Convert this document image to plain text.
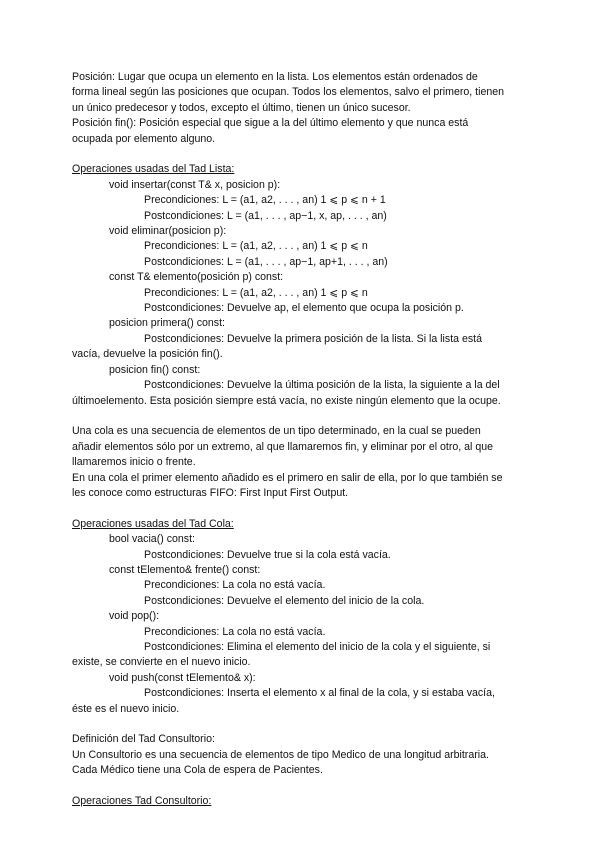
Posición: Lugar que ocupa un elemento en la lista. Los elementos están ordenados de
forma lineal según las posiciones que ocupan. Todos los elementos, salvo el primero, tienen
un único predecesor y todos, excepto el último, tienen un único sucesor.
Posición fin(): Posición especial que sigue a la del último elemento y que nunca está
ocupada por elemento alguno.
Operaciones usadas del Tad Lista:
void insertar(const T& x, posicion p):
Precondiciones: L = (a1, a2, . . . , an) 1 ⩽ p ⩽ n + 1
Postcondiciones: L = (a1, . . . , ap−1, x, ap, . . . , an)
void eliminar(posicion p):
Precondiciones: L = (a1, a2, . . . , an) 1 ⩽ p ⩽ n
Postcondiciones: L = (a1, . . . , ap−1, ap+1, . . . , an)
const T& elemento(posición p) const:
Precondiciones: L = (a1, a2, . . . , an) 1 ⩽ p ⩽ n
Postcondiciones: Devuelve ap, el elemento que ocupa la posición p.
posicion primera() const:
Postcondiciones: Devuelve la primera posición de la lista. Si la lista está
vacía, devuelve la posición fin().
posicion fin() const:
Postcondiciones: Devuelve la última posición de la lista, la siguiente a la del
últimoelemento. Esta posición siempre está vacía, no existe ningún elemento que la ocupe.
Una cola es una secuencia de elementos de un tipo determinado, en la cual se pueden
añadir elementos sólo por un extremo, al que llamaremos fin, y eliminar por el otro, al que
llamaremos inicio o frente.
En una cola el primer elemento añadido es el primero en salir de ella, por lo que también se
les conoce como estructuras FIFO: First Input First Output.
Operaciones usadas del Tad Cola:
bool vacia() const:
Postcondiciones: Devuelve true si la cola está vacía.
const tElemento& frente() const:
Precondiciones: La cola no está vacía.
Postcondiciones: Devuelve el elemento del inicio de la cola.
void pop():
Precondiciones: La cola no está vacía.
Postcondiciones: Elimina el elemento del inicio de la cola y el siguiente, si
existe, se convierte en el nuevo inicio.
void push(const tElemento& x):
Postcondiciones: Inserta el elemento x al final de la cola, y si estaba vacía,
éste es el nuevo inicio.
Definición del Tad Consultorio:
Un Consultorio es una secuencia de elementos de tipo Medico de una longitud arbitraria.
Cada Médico tiene una Cola de espera de Pacientes.
Operaciones Tad Consultorio:
